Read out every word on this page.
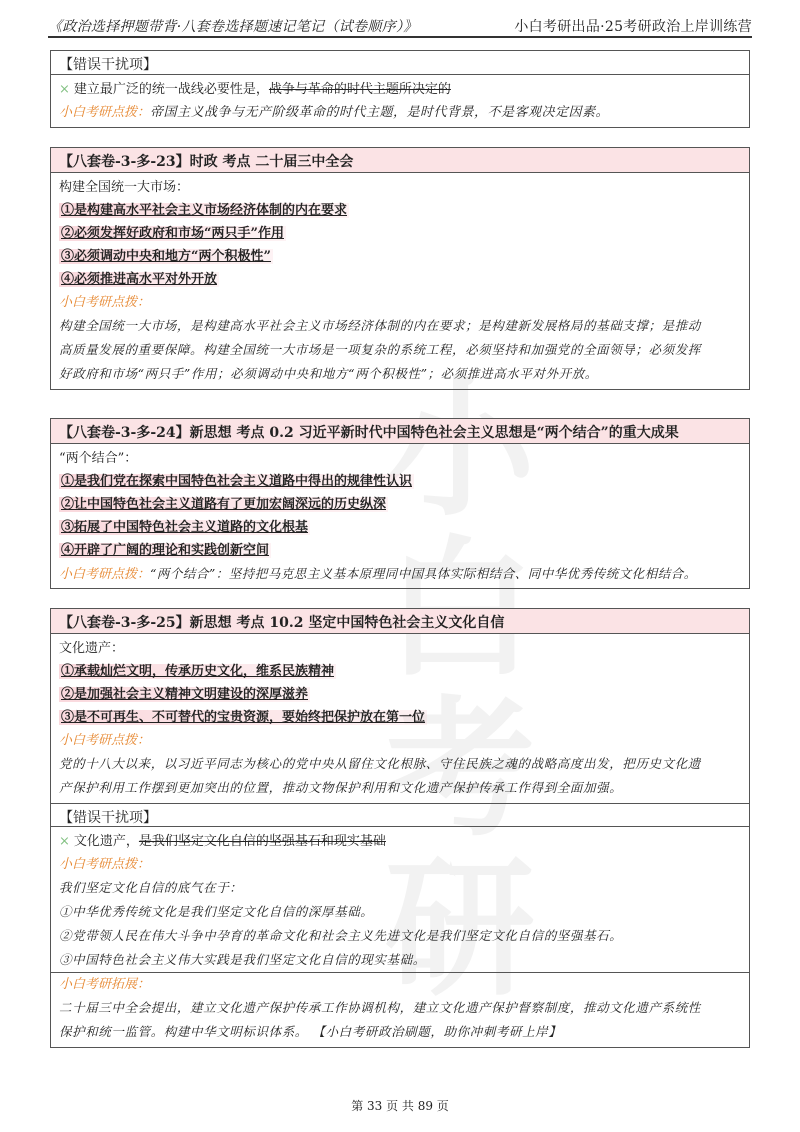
《政治选择押题带背·八套卷选择题速记笔记（试卷顺序）》	小白考研出品·25考研政治上岸训练营
小 考研
【错误干扰项】
× 建立最广泛的统一战线必要性是，战争与革命的时代主题所决定的
小白考研点拨：帝国主义战争与无产阶级革命的时代主题，是时代背景，不是客观决定因素。
【八套卷-3-多-23】时政 考点 二十届三中全会
构建全国统一大市场：
①是构建高水平社会主义市场经济体制的内在要求
②必须发挥好政府和市场“两只手”作用
③必须调动中央和地方“两个积极性”
④必须推进高水平对外开放
小白考研点拨：
构建全国统一大市场，是构建高水平社会主义市场经济体制的内在要求；是构建新发展格局的基础支撑；是推动
高质量发展的重要保障。构建全国统一大市场是一项复杂的系统工程，必须坚持和加强党的全面领导；必须发挥
好政府和市场“两只手”作用；必须调动中央和地方“两个积极性”；必须推进高水平对外开放。
【八套卷-3-多-24】新思想 考点 0.2 习近平新时代中国特色社会主义思想是“两个结合”的重大成果
“两个结合”：
①是我们党在探索中国特色社会主义道路中得出的规律性认识
②让中国特色社会主义道路有了更加宏阔深远的历史纵深
③拓展了中国特色社会主义道路的文化根基
④开辟了广阔的理论和实践创新空间
小白考研点拨：“两个结合”：坚持把马克思主义基本原理同中国具体实际相结合、同中华优秀传统文化相结合。
【八套卷-3-多-25】新思想 考点 10.2 坚定中国特色社会主义文化自信
文化遗产：
①承载灿烂文明，传承历史文化，维系民族精神
②是加强社会主义精神文明建设的深厚滋养
③是不可再生、不可替代的宝贵资源，要始终把保护放在第一位
小白考研点拨：
党的十八大以来，以习近平同志为核心的党中央从留住文化根脉、守住民族之魂的战略高度出发，把历史文化遗
产保护利用工作摆到更加突出的位置，推动文物保护利用和文化遗产保护传承工作得到全面加强。
【错误干扰项】
× 文化遗产，是我们坚定文化自信的坚强基石和现实基础
小白考研点拨：
我们坚定文化自信的底气在于：
①中华优秀传统文化是我们坚定文化自信的深厚基础。
②党带领人民在伟大斗争中孕育的革命文化和社会主义先进文化是我们坚定文化自信的坚强基石。
③中国特色社会主义伟大实践是我们坚定文化自信的现实基础。
小白考研拓展：
二十届三中全会提出，建立文化遗产保护传承工作协调机构，建立文化遗产保护督察制度，推动文化遗产系统性
保护和统一监管。构建中华文明标识体系。 【小白考研政治刷题，助你冲刺考研上岸】
第 33 页 共 89 页
